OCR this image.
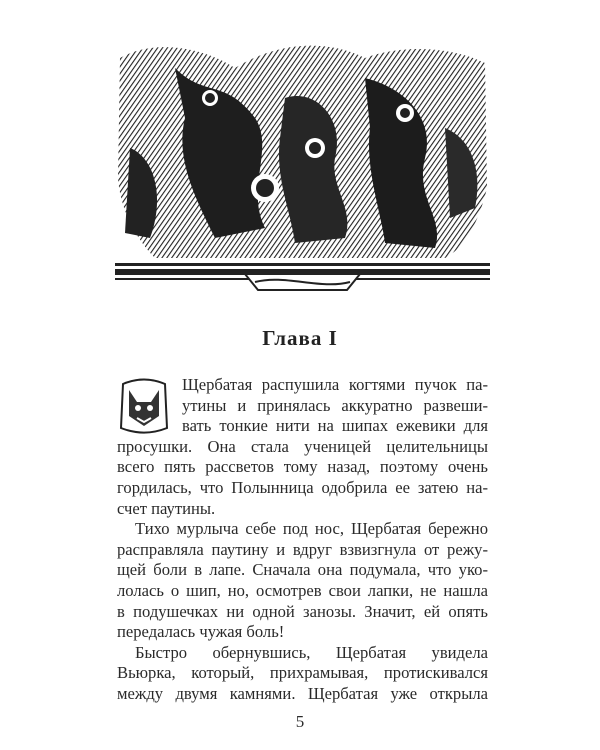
Глава I
Щербатая распушила когтями пучок па-
утины и принялась аккуратно развеши-
вать тонкие нити на шипах ежевики для
просушки. Она стала ученицей целительницы
всего пять рассветов тому назад, поэтому очень
гордилась, что Полынница одобрила ее затею на-
счет паутины.
Тихо мурлыча себе под нос, Щербатая бережно
расправляла паутину и вдруг взвизгнула от режу-
щей боли в лапе. Сначала она подумала, что уко-
лолась о шип, но, осмотрев свои лапки, не нашла
в подушечках ни одной занозы. Значит, ей опять
передалась чужая боль!
Быстро обернувшись, Щербатая увидела
Вьюрка, который, прихрамывая, протискивался
между двумя камнями. Щербатая уже открыла
5
